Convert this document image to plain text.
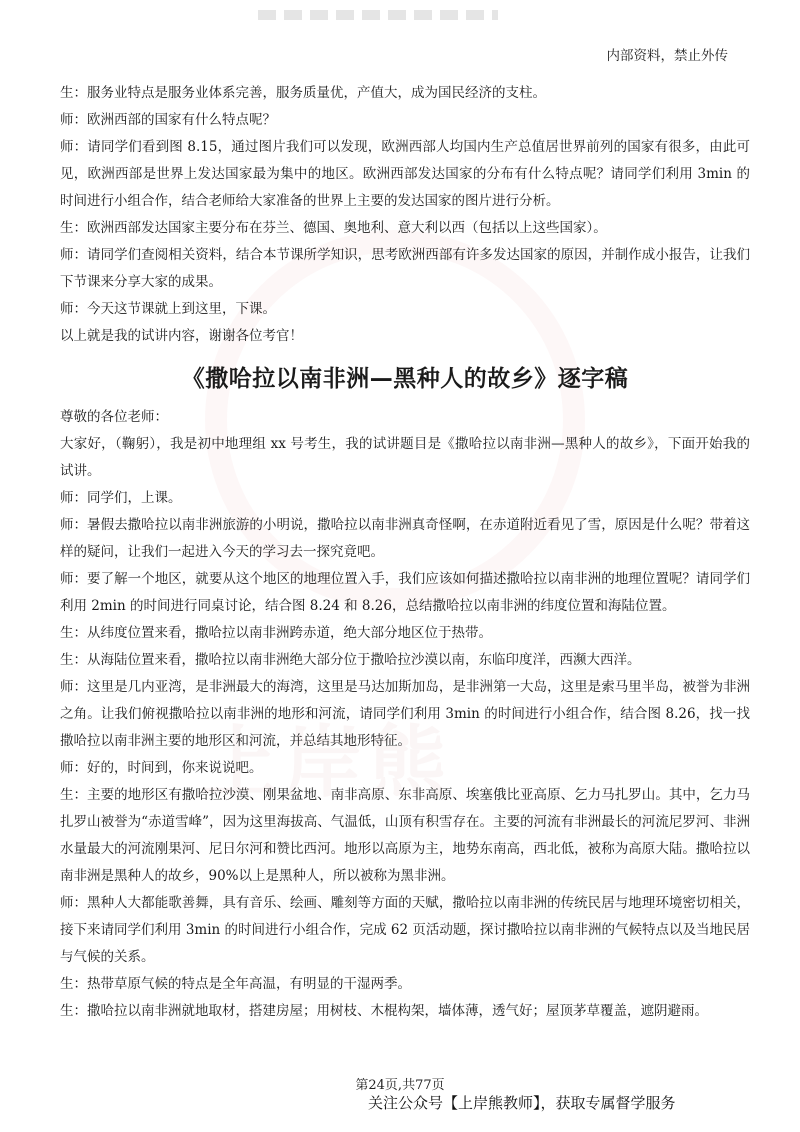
内部资料，禁止外传

生：服务业特点是服务业体系完善，服务质量优，产值大，成为国民经济的支柱。

师：欧洲西部的国家有什么特点呢？

师：请同学们看到图 8.15，通过图片我们可以发现，欧洲西部人均国内生产总值居世界前列的国家有很多，由此可见，欧洲西部是世界上发达国家最为集中的地区。欧洲西部发达国家的分布有什么特点呢？请同学们利用 3min 的时间进行小组合作，结合老师给大家准备的世界上主要的发达国家的图片进行分析。

生：欧洲西部发达国家主要分布在芬兰、德国、奥地利、意大利以西（包括以上这些国家）。

师：请同学们查阅相关资料，结合本节课所学知识，思考欧洲西部有许多发达国家的原因，并制作成小报告，让我们下节课来分享大家的成果。

师：今天这节课就上到这里，下课。

以上就是我的试讲内容，谢谢各位考官！

《撒哈拉以南非洲—黑种人的故乡》逐字稿

尊敬的各位老师：

大家好，（鞠躬），我是初中地理组 xx 号考生，我的试讲题目是《撒哈拉以南非洲—黑种人的故乡》，下面开始我的试讲。

师：同学们，上课。

师：暑假去撒哈拉以南非洲旅游的小明说，撒哈拉以南非洲真奇怪啊，在赤道附近看见了雪，原因是什么呢？带着这样的疑问，让我们一起进入今天的学习去一探究竟吧。

师：要了解一个地区，就要从这个地区的地理位置入手，我们应该如何描述撒哈拉以南非洲的地理位置呢？请同学们利用 2min 的时间进行同桌讨论，结合图 8.24 和 8.26，总结撒哈拉以南非洲的纬度位置和海陆位置。

生：从纬度位置来看，撒哈拉以南非洲跨赤道，绝大部分地区位于热带。

生：从海陆位置来看，撒哈拉以南非洲绝大部分位于撒哈拉沙漠以南，东临印度洋，西濒大西洋。

师：这里是几内亚湾，是非洲最大的海湾，这里是马达加斯加岛，是非洲第一大岛，这里是索马里半岛，被誉为非洲之角。让我们俯视撒哈拉以南非洲的地形和河流，请同学们利用 3min 的时间进行小组合作，结合图 8.26，找一找撒哈拉以南非洲主要的地形区和河流，并总结其地形特征。

师：好的，时间到，你来说说吧。

生：主要的地形区有撒哈拉沙漠、刚果盆地、南非高原、东非高原、埃塞俄比亚高原、乞力马扎罗山。其中，乞力马扎罗山被誉为“赤道雪峰”，因为这里海拔高、气温低，山顶有积雪存在。主要的河流有非洲最长的河流尼罗河、非洲水量最大的河流刚果河、尼日尔河和赞比西河。地形以高原为主，地势东南高，西北低，被称为高原大陆。撒哈拉以南非洲是黑种人的故乡，90%以上是黑种人，所以被称为黑非洲。

师：黑种人大都能歌善舞，具有音乐、绘画、雕刻等方面的天赋，撒哈拉以南非洲的传统民居与地理环境密切相关，接下来请同学们利用 3min 的时间进行小组合作，完成 62 页活动题，探讨撒哈拉以南非洲的气候特点以及当地民居与气候的关系。

生：热带草原气候的特点是全年高温，有明显的干湿两季。

生：撒哈拉以南非洲就地取材，搭建房屋；用树枝、木棍构架，墙体薄，透气好；屋顶茅草覆盖，遮阴避雨。

第24页,共77页
关注公众号【上岸熊教师】，获取专属督学服务
